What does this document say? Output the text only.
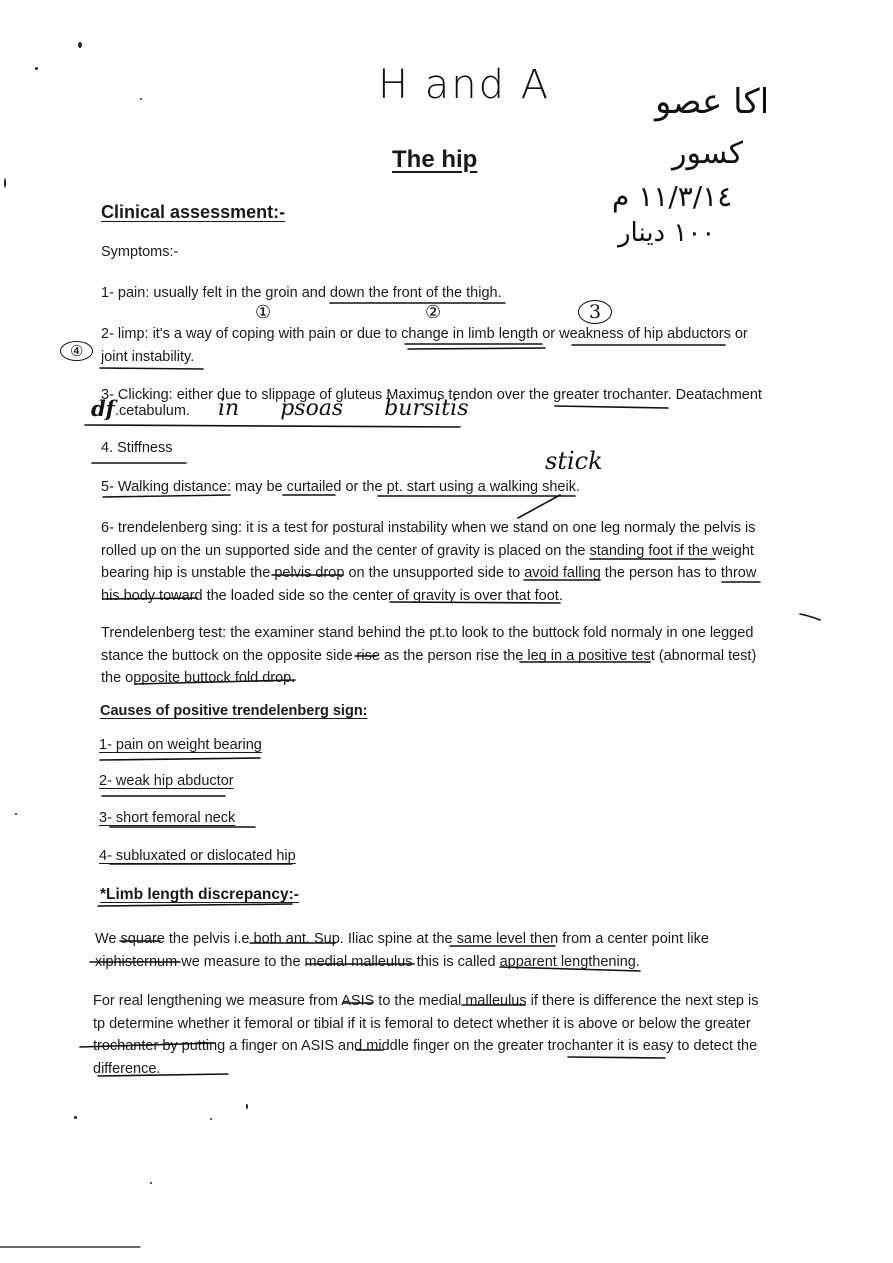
H and A	اكا عصو
كسور
١١/٣/١٤ م
١٠٠ دينار
The hip
Clinical assessment:-
Symptoms:-
1- pain: usually felt in the groin and down the front of the thigh.
①	②	3
2- limp: it's a way of coping with pain or due to change in limb length or weakness of hip abductors or joint instability.
④
3- Clicking: either due to slippage of gluteus Maximus tendon over the greater trochanter. Deatachment
df .cetabulum. in psoas bursitis
4. Stiffness	stick
5- Walking distance: may be curtailed or the pt. start using a walking sheik.
6- trendelenberg sing: it is a test for postural instability when we stand on one leg normaly the pelvis is rolled up on the un supported side and the center of gravity is placed on the standing foot if the weight bearing hip is unstable the pelvis drop on the unsupported side to avoid falling the person has to throw his body toward the loaded side so the center of gravity is over that foot.
Trendelenberg test: the examiner stand behind the pt.to look to the buttock fold normaly in one legged stance the buttock on the opposite side rise as the person rise the leg in a positive test (abnormal test) the opposite buttock fold drop.
Causes of positive trendelenberg sign:
1- pain on weight bearing
2- weak hip abductor
3- short femoral neck
4- subluxated or dislocated hip
*Limb length discrepancy:-
We square the pelvis i.e both ant. Sup. Iliac spine at the same level then from a center point like xiphisternum we measure to the medial malleulus this is called apparent lengthening.
For real lengthening we measure from ASIS to the medial malleulus if there is difference the next step is tp determine whether it femoral or tibial if it is femoral to detect whether it is above or below the greater trochanter by putting a finger on ASIS and middle finger on the greater trochanter it is easy to detect the difference.
